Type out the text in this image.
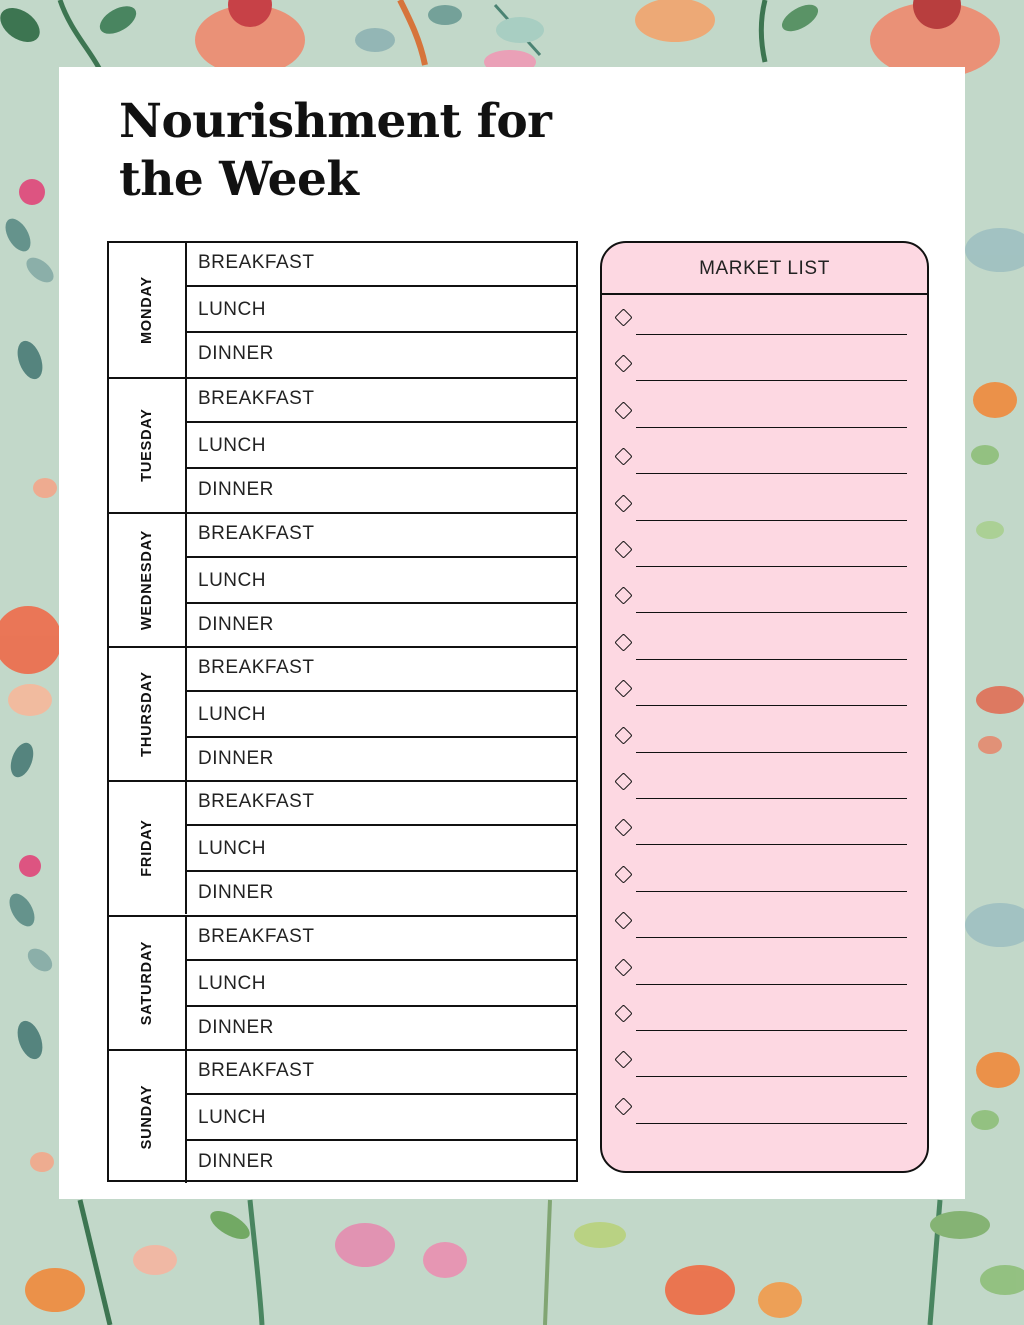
Nourishment for the Week
MONDAY
BREAKFAST
LUNCH
DINNER
TUESDAY
BREAKFAST
LUNCH
DINNER
WEDNESDAY	BREAKFAST
LUNCH
DINNER
THURSDAY
BREAKFAST
LUNCH
DINNER
FRIDAY
BREAKFAST
LUNCH
DINNER
SATURDAY
BREAKFAST
LUNCH
DINNER
SUNDAY
BREAKFAST
LUNCH
DINNER
MARKET LIST
